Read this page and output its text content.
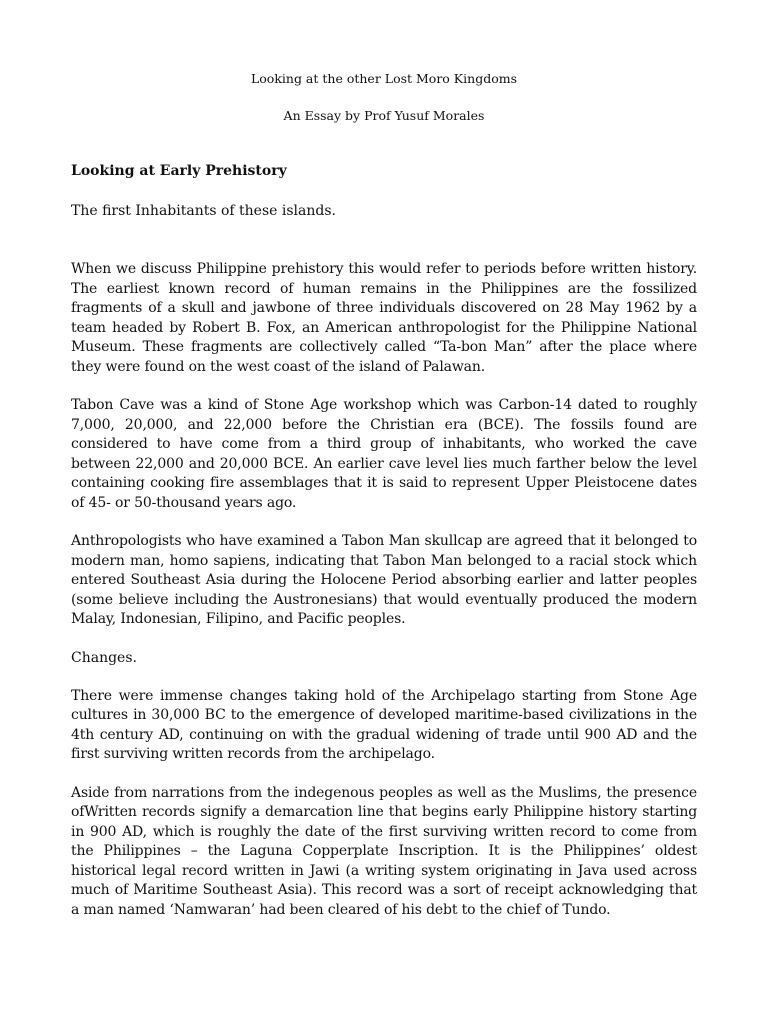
Looking at the other Lost Moro Kingdoms

An Essay by Prof Yusuf Morales

Looking at Early Prehistory

The first Inhabitants of these islands.

When we discuss Philippine prehistory this would refer to periods before written history. The earliest known record of human remains in the Philippines are the fossilized fragments of a skull and jawbone of three individuals discovered on 28 May 1962 by a team headed by Robert B. Fox, an American anthropologist for the Philippine National Museum. These fragments are collectively called “Ta-bon Man” after the place where they were found on the west coast of the island of Palawan.

Tabon Cave was a kind of Stone Age workshop which was Carbon-14 dated to roughly 7,000, 20,000, and 22,000 before the Christian era (BCE). The fossils found are considered to have come from a third group of inhabitants, who worked the cave between 22,000 and 20,000 BCE. An earlier cave level lies much farther below the level containing cooking fire assemblages that it is said to represent Upper Pleistocene dates of 45- or 50-thousand years ago.

Anthropologists who have examined a Tabon Man skullcap are agreed that it belonged to modern man, homo sapiens, indicating that Tabon Man belonged to a racial stock which entered Southeast Asia during the Holocene Period absorbing earlier and latter peoples (some believe including the Austronesians) that would eventually produced the modern Malay, Indonesian, Filipino, and Pacific peoples.

Changes.

There were immense changes taking hold of the Archipelago starting from Stone Age cultures in 30,000 BC to the emergence of developed maritime-based civilizations in the 4th century AD, continuing on with the gradual widening of trade until 900 AD and the first surviving written records from the archipelago.

Aside from narrations from the indegenous peoples as well as the Muslims, the presence ofWritten records signify a demarcation line that begins early Philippine history starting in 900 AD, which is roughly the date of the first surviving written record to come from the Philippines – the Laguna Copperplate Inscription. It is the Philippines’ oldest historical legal record written in Jawi (a writing system originating in Java used across much of Maritime Southeast Asia). This record was a sort of receipt acknowledging that a man named ‘Namwaran’ had been cleared of his debt to the chief of Tundo.
